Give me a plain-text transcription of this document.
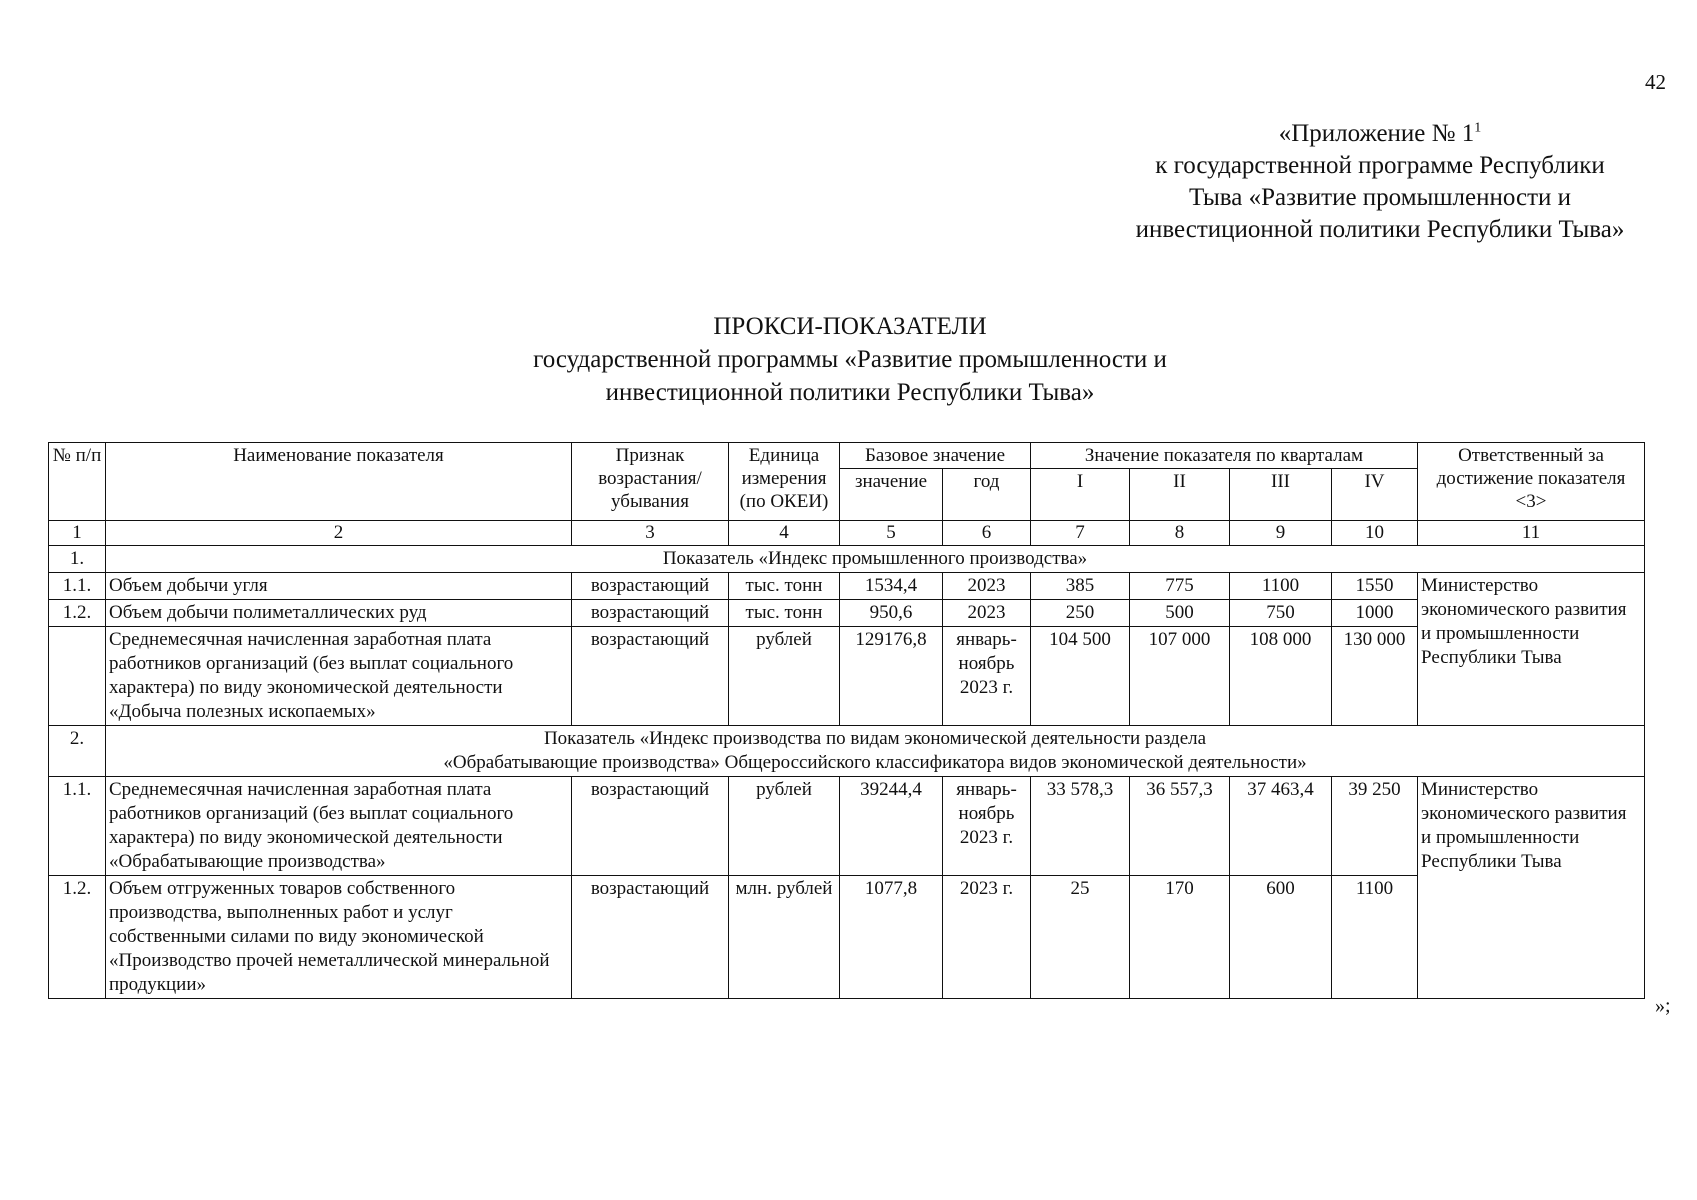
42
«Приложение № $1^1$
к государственной программе Республики
Тыва «Развитие промышленности и
инвестиционной политики Республики Тыва»
ПРОКСИ-ПОКАЗАТЕЛИ
государственной программы «Развитие промышленности и
инвестиционной политики Республики Тыва»
№ п/п	Наименование показателя	Признак возрастания/ убывания	Единица измерения (по ОКЕИ)	Базовое значение		Значение показателя по кварталам				Ответственный за достижение показателя <3>
				значение	год	I	II	III	IV	
1	2	3	4	5	6	7	8	9	10	11
1.	Показатель «Индекс промышленного производства»									

1.1.	Объем добычи угля	возрастающий	тыс. тонн	1534,4	2023	385	775	1100	1550	Министерство экономического развития и промышленности Республики Тыва
1.2.	Объем добычи полиметаллических руд	возрастающий	тыс. тонн	950,6	2023	250	500	750	1000	
	Среднемесячная начисленная заработная плата работников организаций (без выплат социального характера) по виду экономической деятельности «Добыча полезных ископаемых»	возрастающий	рублей	129176,8	январь-ноябрь 2023 г.	104 500	107 000	108 000	130 000	
2.	Показатель «Индекс производства по видам экономической деятельности раздела
«Обрабатывающие производства» Общероссийского классификатора видов экономической деятельности»									

1.1.	Среднемесячная начисленная заработная плата работников организаций (без выплат социального характера) по виду экономической деятельности «Обрабатывающие производства»	возрастающий	рублей	39244,4	январь-ноябрь 2023 г.	33 578,3	36 557,3	37 463,4	39 250	Министерство экономического развития и промышленности Республики Тыва
1.2.	Объем отгруженных товаров собственного производства, выполненных работ и услуг собственными силами по виду экономической «Производство прочей неметаллической минеральной продукции»	возрастающий	млн. рублей	1077,8	2023 г.	25	170	600	1100	
»;
